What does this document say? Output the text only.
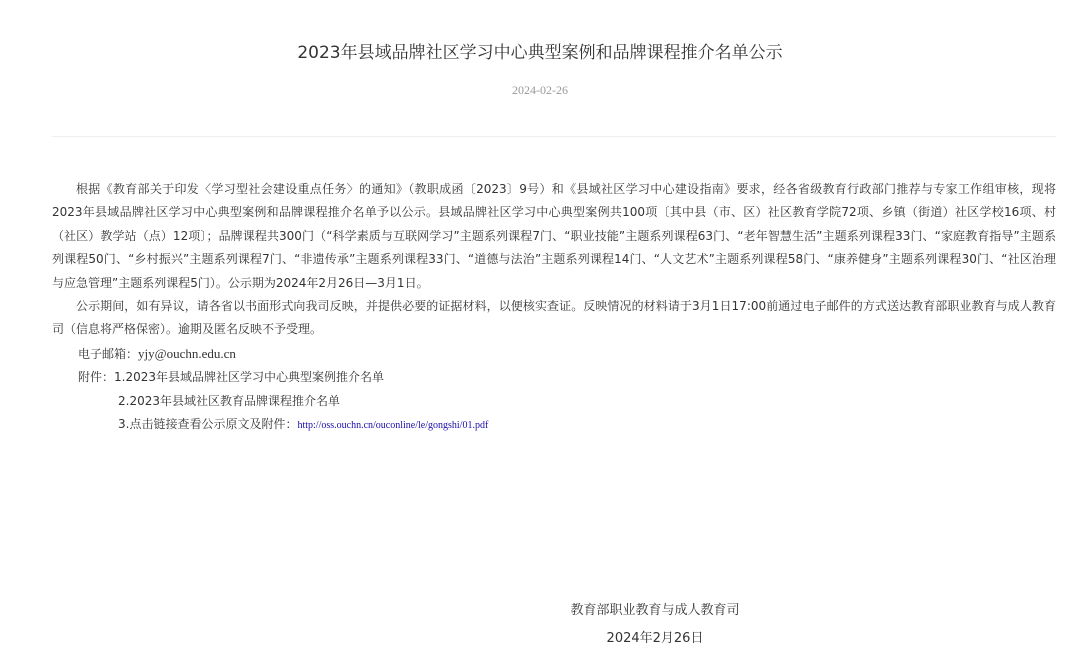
2023年县域品牌社区学习中心典型案例和品牌课程推介名单公示
2024-02-26

根据《教育部关于印发〈学习型社会建设重点任务〉的通知》（教职成函〔2023〕9号）和《县域社区学习中心建设指南》要求，经各省级教育行政部门推荐与专家工作组审核，现将2023年县域品牌社区学习中心典型案例和品牌课程推介名单予以公示。县域品牌社区学习中心典型案例共100项〔其中县（市、区）社区教育学院72项、乡镇（街道）社区学校16项、村（社区）教学站（点）12项〕；品牌课程共300门（“科学素质与互联网学习”主题系列课程7门、“职业技能”主题系列课程63门、“老年智慧生活”主题系列课程33门、“家庭教育指导”主题系列课程50门、“乡村振兴”主题系列课程7门、“非遗传承”主题系列课程33门、“道德与法治”主题系列课程14门、“人文艺术”主题系列课程58门、“康养健身”主题系列课程30门、“社区治理与应急管理”主题系列课程5门）。公示期为2024年2月26日—3月1日。

公示期间，如有异议，请各省以书面形式向我司反映，并提供必要的证据材料，以便核实查证。反映情况的材料请于3月1日17:00前通过电子邮件的方式送达教育部职业教育与成人教育司（信息将严格保密）。逾期及匿名反映不予受理。

电子邮箱：yjy@ouchn.edu.cn

附件：1.2023年县域品牌社区学习中心典型案例推介名单

2.2023年县域社区教育品牌课程推介名单

3.点击链接查看公示原文及附件：http://oss.ouchn.cn/ouconline/le/gongshi/01.pdf

教育部职业教育与成人教育司
2024年2月26日
